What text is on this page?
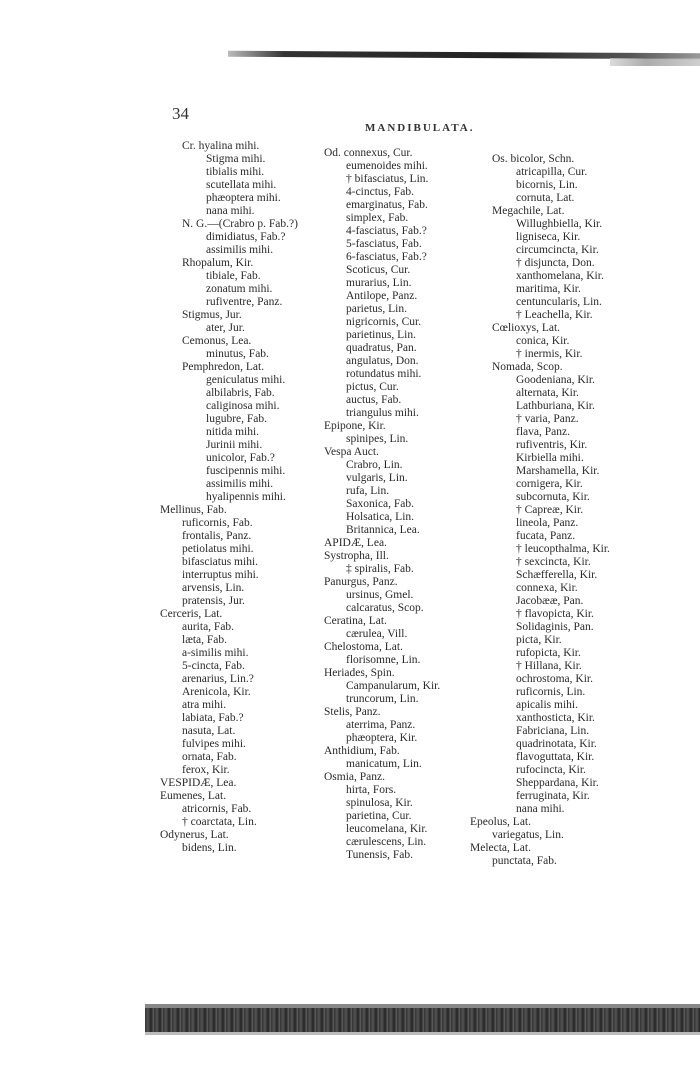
34
MANDIBULATA.
Cr. hyalina mihi.
Stigma mihi.
tibialis mihi.
scutellata mihi.
phæoptera mihi.
nana mihi.
N. G.—(Crabro p. Fab.?)
dimidiatus, Fab.?
assimilis mihi.
Rhopalum, Kir.
tibiale, Fab.
zonatum mihi.
rufiventre, Panz.
Stigmus, Jur.
ater, Jur.
Cemonus, Lea.
minutus, Fab.
Pemphredon, Lat.
geniculatus mihi.
albilabris, Fab.
caliginosa mihi.
lugubre, Fab.
nitida mihi.
Jurinii mihi.
unicolor, Fab.?
fuscipennis mihi.
assimilis mihi.
hyalipennis mihi.
Mellinus, Fab.
ruficornis, Fab.
frontalis, Panz.
petiolatus mihi.
bifasciatus mihi.
interruptus mihi.
arvensis, Lin.
pratensis, Jur.
Cerceris, Lat.
aurita, Fab.
læta, Fab.
a-similis mihi.
5-cincta, Fab.
arenarius, Lin.?
Arenicola, Kir.
atra mihi.
labiata, Fab.?
nasuta, Lat.
fulvipes mihi.
ornata, Fab.
ferox, Kir.
VESPIDÆ, Lea.
Eumenes, Lat.
atricornis, Fab.
† coarctata, Lin.
Odynerus, Lat.
bidens, Lin.
Od. connexus, Cur.
eumenoides mihi.
† bifasciatus, Lin.
4-cinctus, Fab.
emarginatus, Fab.
simplex, Fab.
4-fasciatus, Fab.?
5-fasciatus, Fab.
6-fasciatus, Fab.?
Scoticus, Cur.
murarius, Lin.
Antilope, Panz.
parietus, Lin.
nigricornis, Cur.
parietinus, Lin.
quadratus, Pan.
angulatus, Don.
rotundatus mihi.
pictus, Cur.
auctus, Fab.
triangulus mihi.
Epipone, Kir.
spinipes, Lin.
Vespa Auct.
Crabro, Lin.
vulgaris, Lin.
rufa, Lin.
Saxonica, Fab.
Holsatica, Lin.
Britannica, Lea.
APIDÆ, Lea.
Systropha, Ill.
‡ spiralis, Fab.
Panurgus, Panz.
ursinus, Gmel.
calcaratus, Scop.
Ceratina, Lat.
cærulea, Vill.
Chelostoma, Lat.
florisomne, Lin.
Heriades, Spin.
Campanularum, Kir.
truncorum, Lin.
Stelis, Panz.
aterrima, Panz.
phæoptera, Kir.
Anthidium, Fab.
manicatum, Lin.
Osmia, Panz.
hirta, Fors.
spinulosa, Kir.
parietina, Cur.
leucomelana, Kir.
cærulescens, Lin.
Tunensis, Fab.
Os. bicolor, Schn.
atricapilla, Cur.
bicornis, Lin.
cornuta, Lat.
Megachile, Lat.
Willughbiella, Kir.
ligniseca, Kir.
circumcincta, Kir.
† disjuncta, Don.
xanthomelana, Kir.
maritima, Kir.
centuncularis, Lin.
† Leachella, Kir.
Cœlioxys, Lat.
conica, Kir.
† inermis, Kir.
Nomada, Scop.
Goodeniana, Kir.
alternata, Kir.
Lathburiana, Kir.
† varia, Panz.
flava, Panz.
rufiventris, Kir.
Kirbiella mihi.
Marshamella, Kir.
cornigera, Kir.
subcornuta, Kir.
† Capreæ, Kir.
lineola, Panz.
fucata, Panz.
† leucopthalma, Kir.
† sexcincta, Kir.
Schæfferella, Kir.
connexa, Kir.
Jacobææ, Pan.
† flavopicta, Kir.
Solidaginis, Pan.
picta, Kir.
rufopicta, Kir.
† Hillana, Kir.
ochrostoma, Kir.
ruficornis, Lin.
apicalis mihi.
xanthosticta, Kir.
Fabriciana, Lin.
quadrinotata, Kir.
flavoguttata, Kir.
rufocincta, Kir.
Sheppardana, Kir.
ferruginata, Kir.
nana mihi.
Epeolus, Lat.
variegatus, Lin.
Melecta, Lat.
punctata, Fab.
